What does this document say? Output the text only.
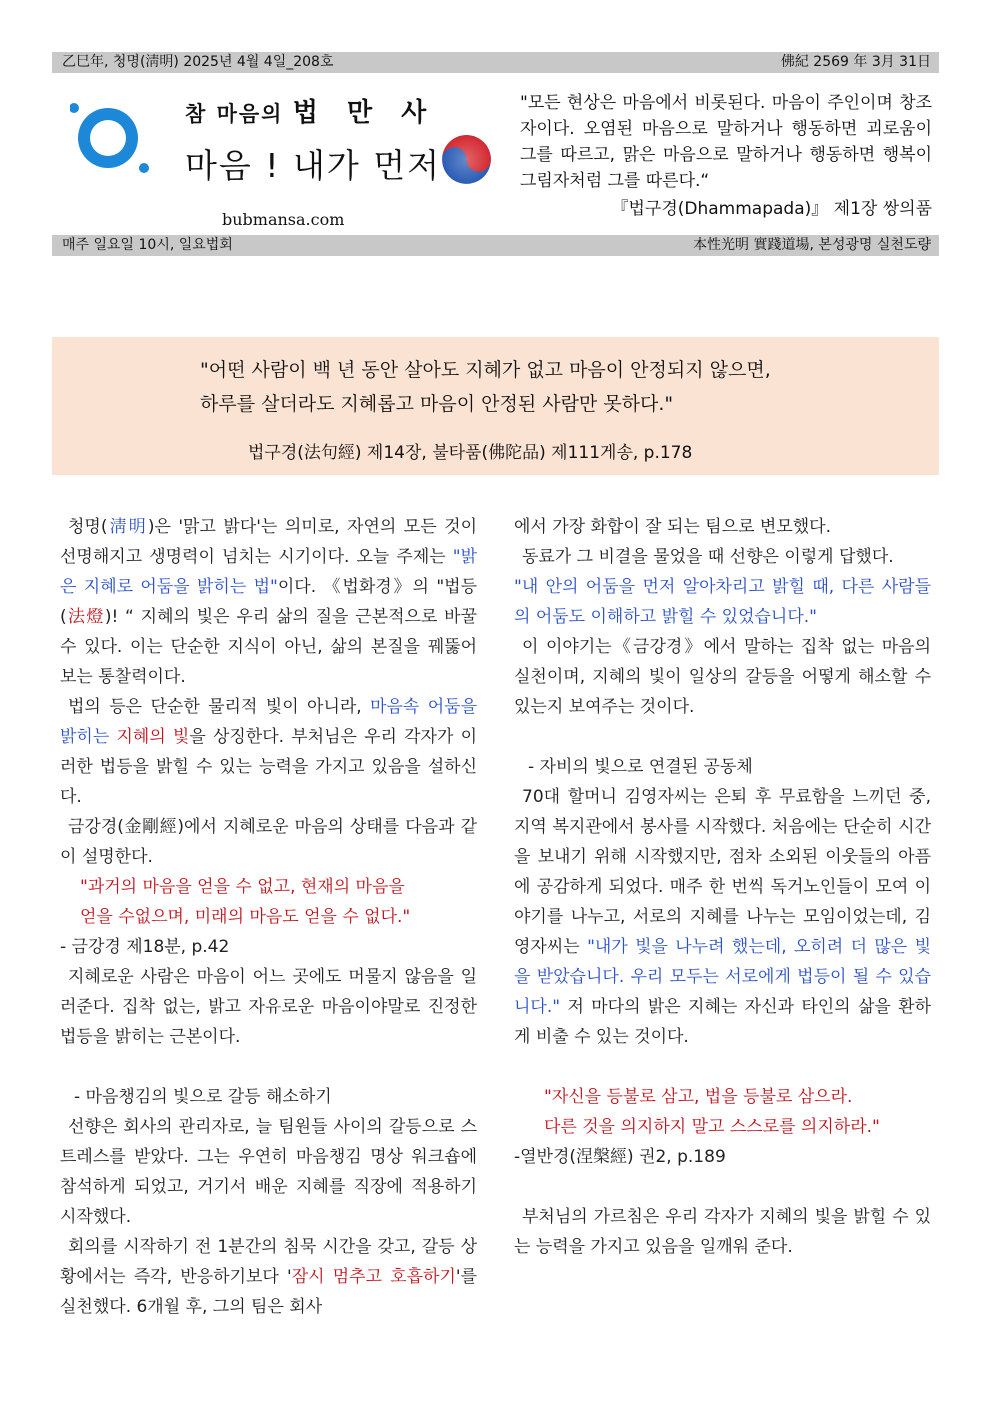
乙巳年, 청명(淸明) 2025년 4월 4일_208호	佛紀 2569 年 3月 31日
참 마음의 법 만 사
마음 ! 내가 먼저
bubmansa.com
"모든 현상은 마음에서 비롯된다. 마음이 주인이며 창조자이다. 오염된 마음으로 말하거나 행동하면 괴로움이 그를 따르고, 맑은 마음으로 말하거나 행동하면 행복이 그림자처럼 그를 따른다.“
『법구경(Dhammapada)』 제1장 쌍의품
매주 일요일 10시, 일요법회	本性光明 實踐道場, 본성광명 실천도량
"어떤 사람이 백 년 동안 살아도 지혜가 없고 마음이 안정되지 않으면,
하루를 살더라도 지혜롭고 마음이 안정된 사람만 못하다."
법구경(法句經) 제14장, 불타품(佛陀品) 제111게송, p.178

청명(淸明)은 '맑고 밝다'는 의미로, 자연의 모든 것이 선명해지고 생명력이 넘치는 시기이다. 오늘 주제는 "밝은 지혜로 어둠을 밝히는 법"이다. 《법화경》의 "법등(法燈)! “ 지혜의 빛은 우리 삶의 질을 근본적으로 바꿀 수 있다. 이는 단순한 지식이 아닌, 삶의 본질을 꿰뚫어 보는 통찰력이다.

법의 등은 단순한 물리적 빛이 아니라, 마음속 어둠을 밝히는 지혜의 빛을 상징한다. 부처님은 우리 각자가 이러한 법등을 밝힐 수 있는 능력을 가지고 있음을 설하신다.

금강경(金剛經)에서 지혜로운 마음의 상태를 다음과 같이 설명한다.

"과거의 마음을 얻을 수 없고, 현재의 마음을

얻을 수없으며, 미래의 마음도 얻을 수 없다."

- 금강경 제18분, p.42

지혜로운 사람은 마음이 어느 곳에도 머물지 않음을 일러준다. 집착 없는, 밝고 자유로운 마음이야말로 진정한 법등을 밝히는 근본이다.

- 마음챙김의 빛으로 갈등 해소하기

선향은 회사의 관리자로, 늘 팀원들 사이의 갈등으로 스트레스를 받았다. 그는 우연히 마음챙김 명상 워크숍에 참석하게 되었고, 거기서 배운 지혜를 직장에 적용하기 시작했다.

회의를 시작하기 전 1분간의 침묵 시간을 갖고, 갈등 상황에서는 즉각, 반응하기보다 '잠시 멈추고 호흡하기'를 실천했다. 6개월 후, 그의 팀은 회사

에서 가장 화합이 잘 되는 팀으로 변모했다.

동료가 그 비결을 물었을 때 선향은 이렇게 답했다.

"내 안의 어둠을 먼저 알아차리고 밝힐 때, 다른 사람들의 어둠도 이해하고 밝힐 수 있었습니다."

이 이야기는《금강경》에서 말하는 집착 없는 마음의 실천이며, 지혜의 빛이 일상의 갈등을 어떻게 해소할 수 있는지 보여주는 것이다.

- 자비의 빛으로 연결된 공동체

70대 할머니 김영자씨는 은퇴 후 무료함을 느끼던 중, 지역 복지관에서 봉사를 시작했다. 처음에는 단순히 시간을 보내기 위해 시작했지만, 점차 소외된 이웃들의 아픔에 공감하게 되었다. 매주 한 번씩 독거노인들이 모여 이야기를 나누고, 서로의 지혜를 나누는 모임이었는데, 김영자씨는 "내가 빛을 나누려 했는데, 오히려 더 많은 빛을 받았습니다. 우리 모두는 서로에게 법등이 될 수 있습니다." 저 마다의 밝은 지혜는 자신과 타인의 삶을 환하게 비출 수 있는 것이다.

"자신을 등불로 삼고, 법을 등불로 삼으라.

다른 것을 의지하지 말고 스스로를 의지하라."

-열반경(涅槃經) 권2, p.189

부처님의 가르침은 우리 각자가 지혜의 빛을 밝힐 수 있는 능력을 가지고 있음을 일깨워 준다.
